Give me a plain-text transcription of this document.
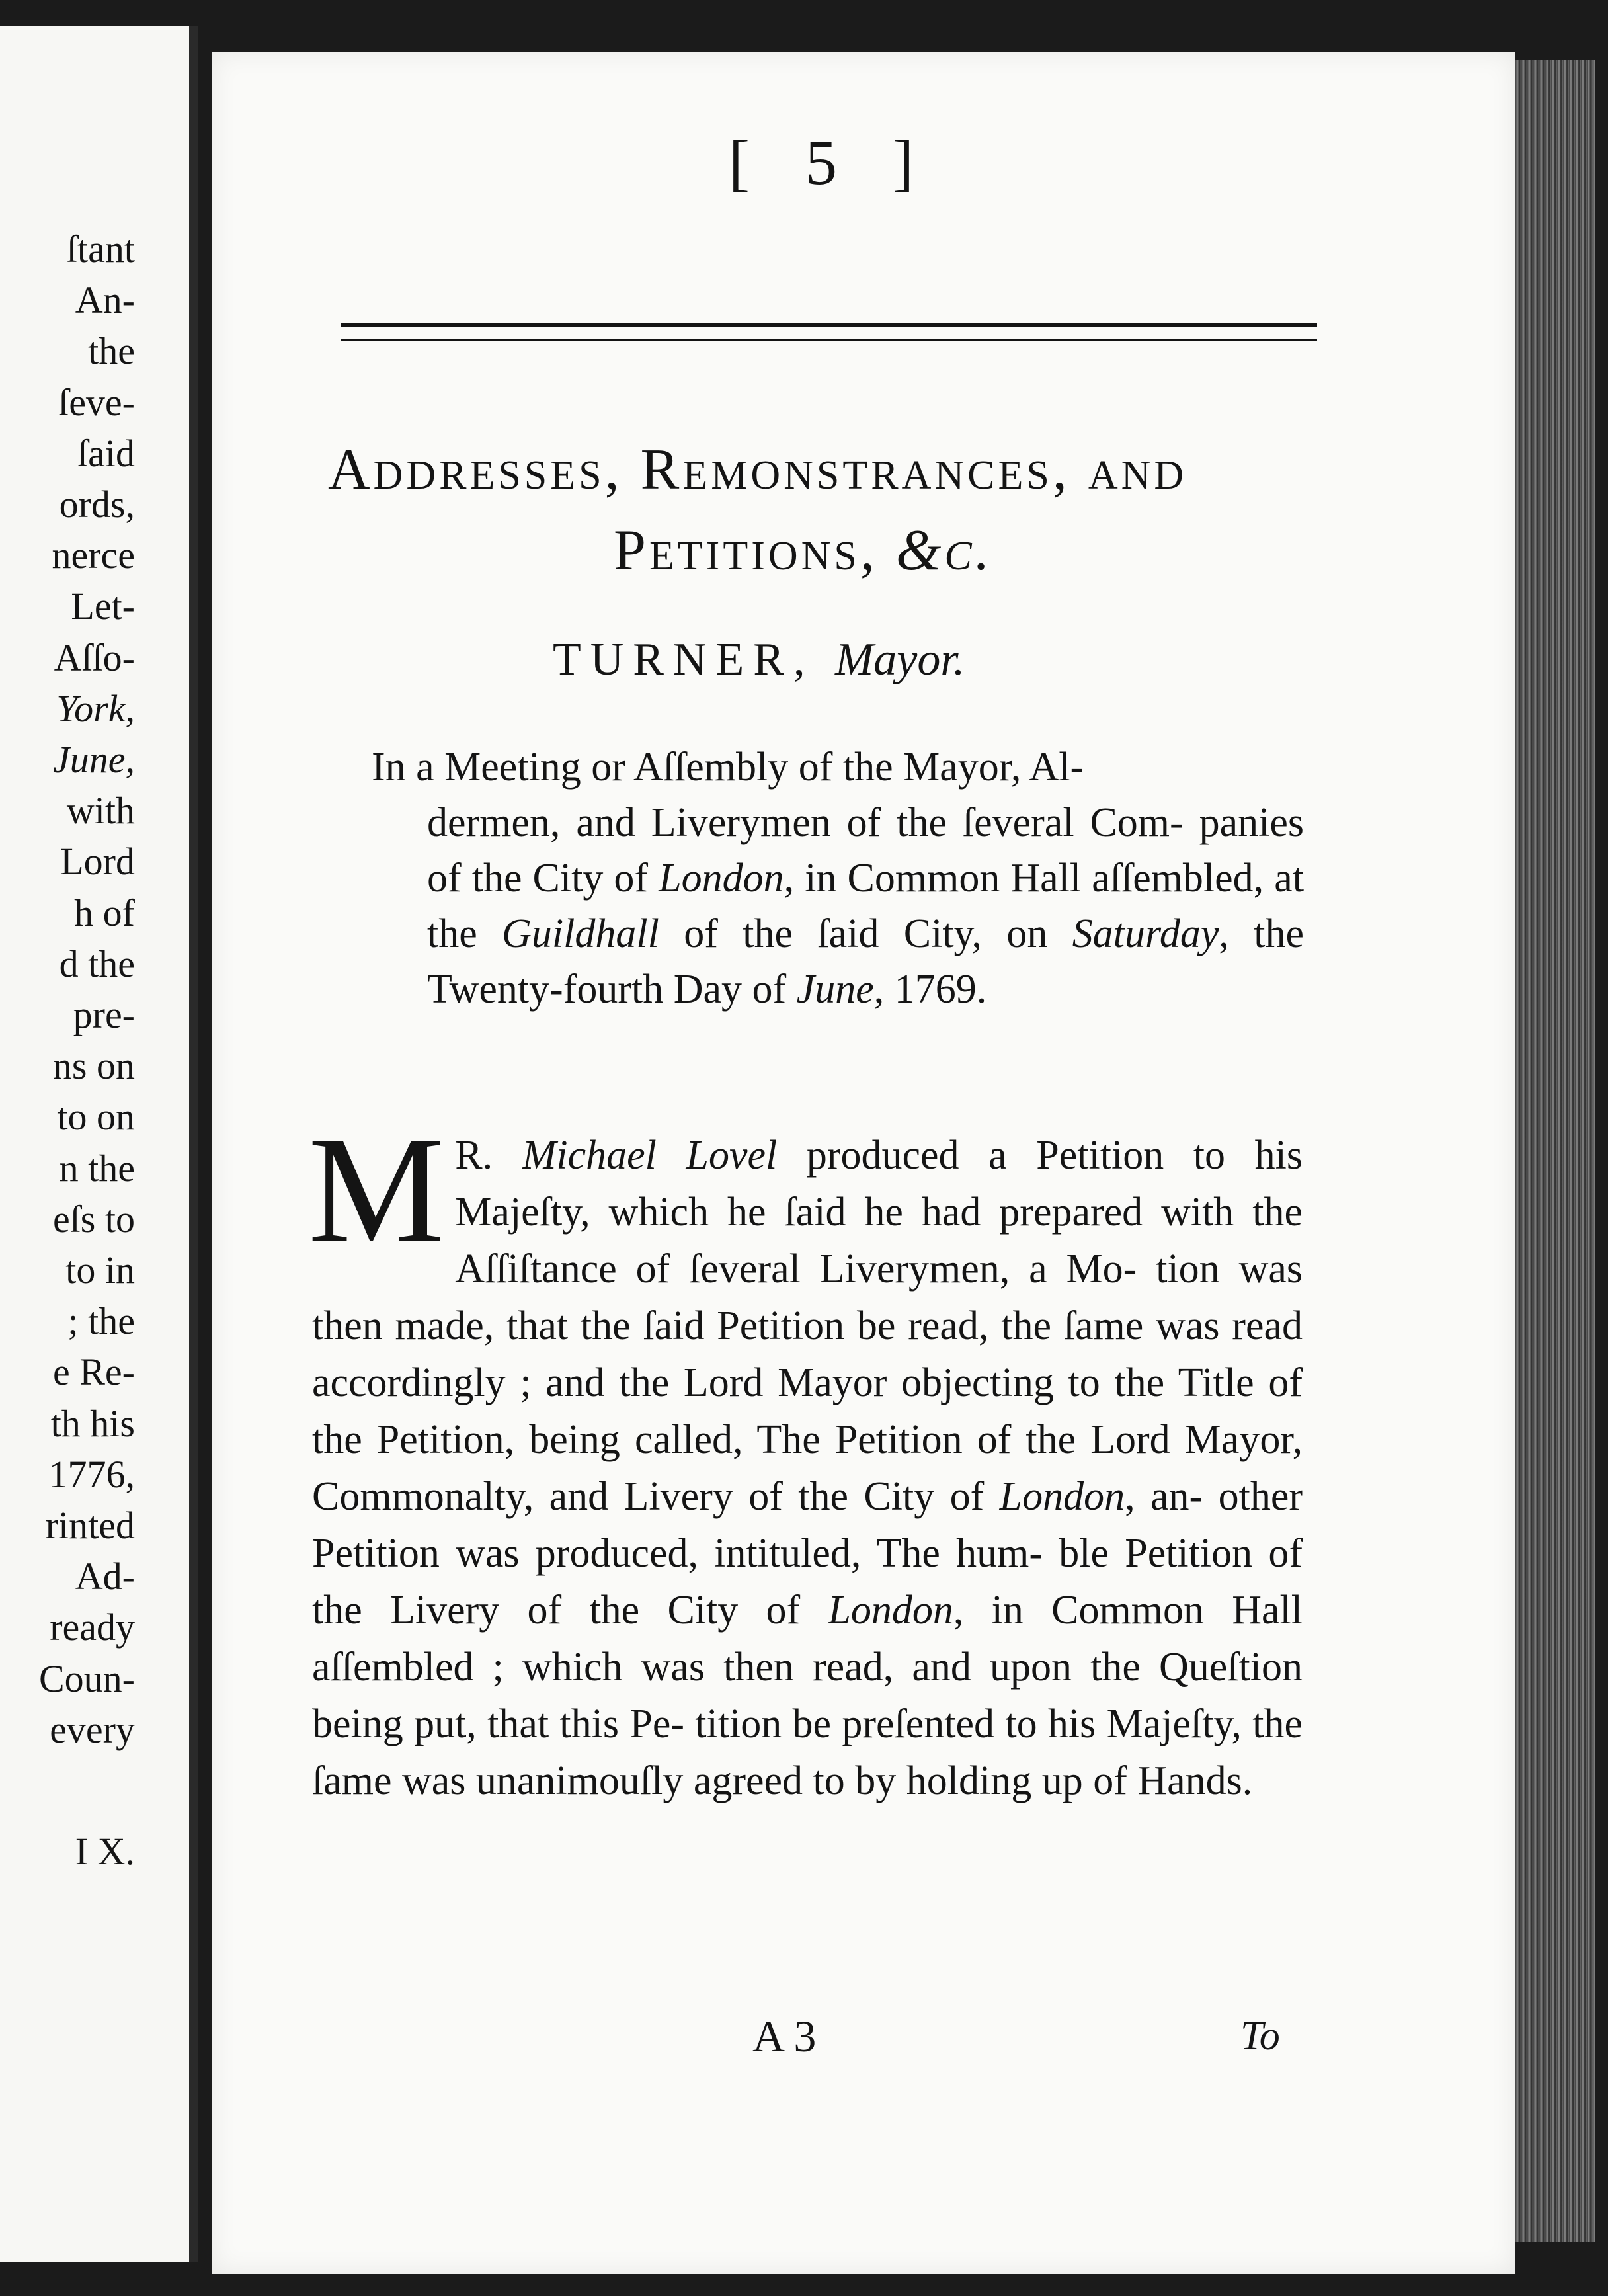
ſtant
An-
the
ſeve-
ſaid
ords,
nerce
Let-
Aſſo-
York,
June,
with
Lord
h of
d the
pre-
ns on
to on
n the
eſs to
to in
; the
e Re-
th his
1776,
rinted
Ad-
ready
Coun-
every
I X.
[ 5 ]
Addresses, Remonstrances, and
Petitions, &c.
TURNER, Mayor.
In a Meeting or Aſſembly of the Mayor, Al-
dermen, and Liverymen of the ſeveral Com- panies of the City of London, in Common Hall aſſembled, at the Guildhall of the ſaid City, on Saturday, the Twenty-fourth Day of June, 1769.
M R. Michael Lovel produced a Petition to his Majeſty, which he ſaid he had prepared with the Aſſiſtance of ſeveral Liverymen, a Mo- tion was then made, that the ſaid Petition be read, the ſame was read accordingly ; and the Lord Mayor objecting to the Title of the Petition, being called, The Petition of the Lord Mayor, Commonalty, and Livery of the City of London, an- other Petition was produced, intituled, The hum- ble Petition of the Livery of the City of London, in Common Hall aſſembled ; which was then read, and upon the Queſtion being put, that this Pe- tition be preſented to his Majeſty, the ſame was unanimouſly agreed to by holding up of Hands.
A 3	To
